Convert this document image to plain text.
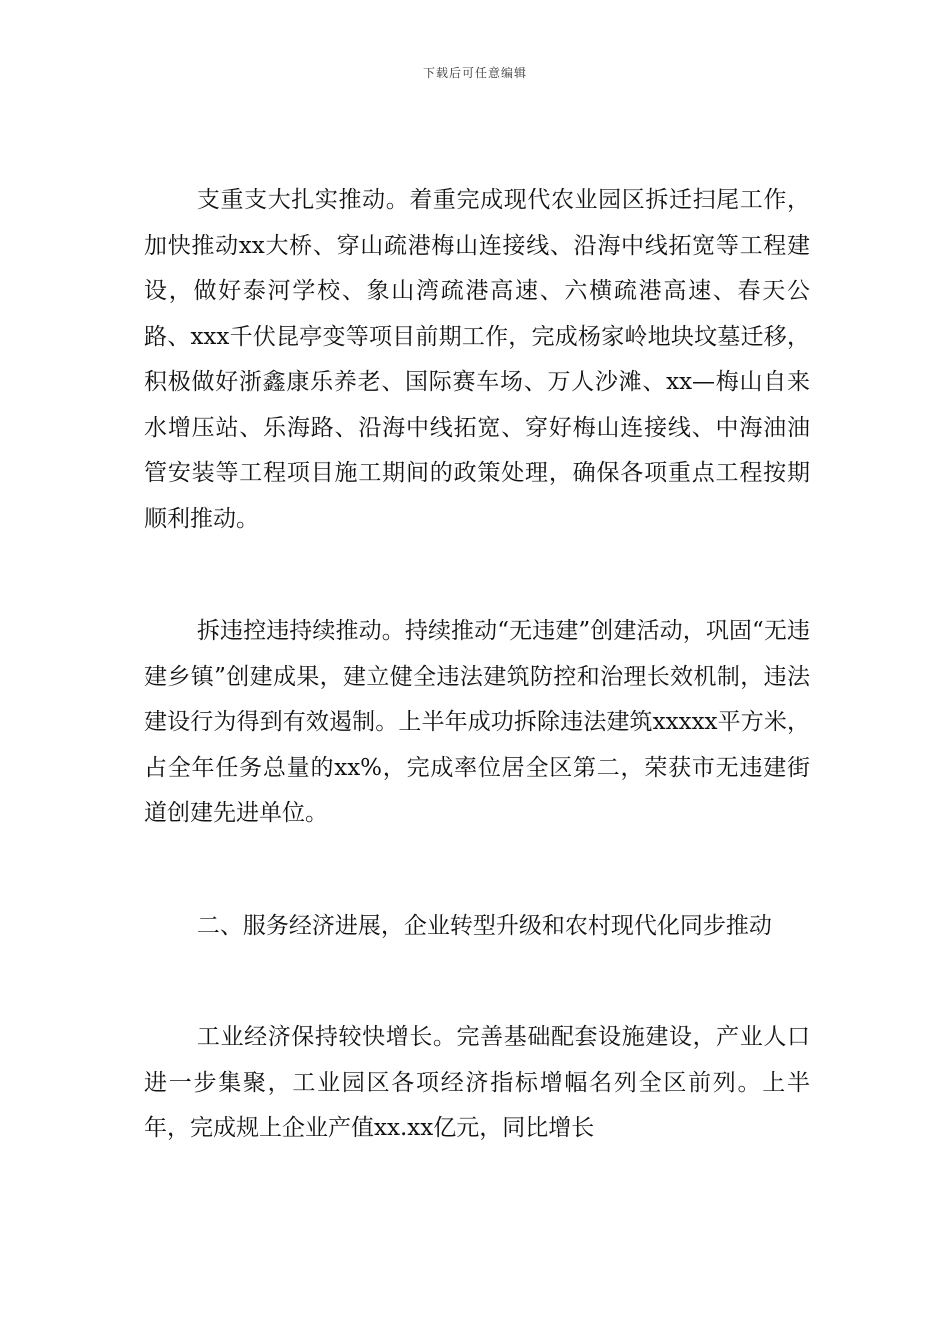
下载后可任意编辑

支重支大扎实推动。着重完成现代农业园区拆迁扫尾工作，加快推动xx大桥、穿山疏港梅山连接线、沿海中线拓宽等工程建设，做好泰河学校、象山湾疏港高速、六横疏港高速、春天公路、xxx千伏昆亭变等项目前期工作，完成杨家岭地块坟墓迁移，积极做好浙鑫康乐养老、国际赛车场、万人沙滩、xx—梅山自来水增压站、乐海路、沿海中线拓宽、穿好梅山连接线、中海油油管安装等工程项目施工期间的政策处理，确保各项重点工程按期顺利推动。

拆违控违持续推动。持续推动“无违建”创建活动，巩固“无违建乡镇”创建成果，建立健全违法建筑防控和治理长效机制，违法建设行为得到有效遏制。上半年成功拆除违法建筑xxxxx平方米，占全年任务总量的xx%，完成率位居全区第二，荣获市无违建街道创建先进单位。

二、服务经济进展，企业转型升级和农村现代化同步推动

工业经济保持较快增长。完善基础配套设施建设，产业人口进一步集聚，工业园区各项经济指标增幅名列全区前列。上半年，完成规上企业产值xx.xx亿元，同比增长
